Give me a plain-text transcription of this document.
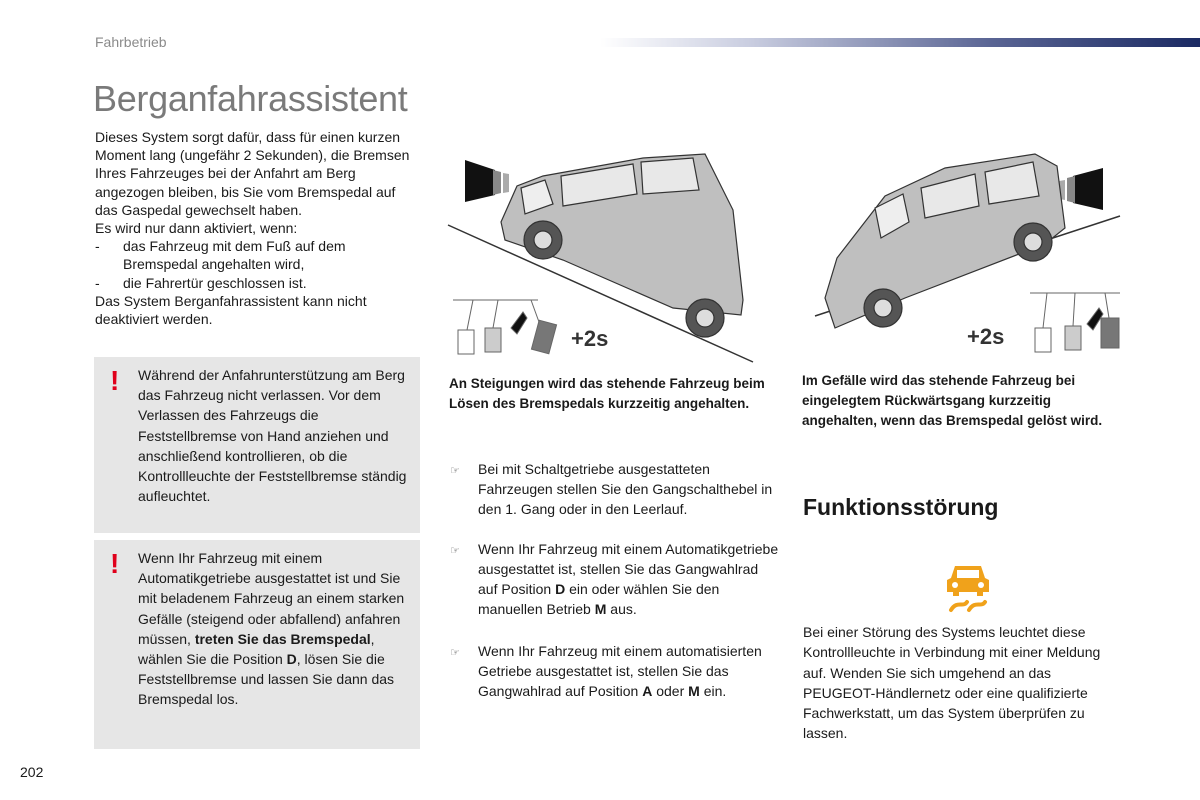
Fahrbetrieb
Berganfahrassistent

Dieses System sorgt dafür, dass für einen kurzen Moment lang (ungefähr 2 Sekunden), die Bremsen Ihres Fahrzeuges bei der Anfahrt am Berg angezogen bleiben, bis Sie vom Bremspedal auf das Gaspedal gewechselt haben.

Es wird nur dann aktiviert, wenn:

-	das Fahrzeug mit dem Fuß auf dem Bremspedal angehalten wird,
-	die Fahrertür geschlossen ist.

Das System Berganfahrassistent kann nicht deaktiviert werden.

! Während der Anfahrunterstützung am Berg das Fahrzeug nicht verlassen. Vor dem Verlassen des Fahrzeugs die Feststellbremse von Hand anziehen und anschließend kontrollieren, ob die Kontrollleuchte der Feststellbremse ständig aufleuchtet.
! Wenn Ihr Fahrzeug mit einem Automatikgetriebe ausgestattet ist und Sie mit beladenem Fahrzeug an einem starken Gefälle (steigend oder abfallend) anfahren müssen, treten Sie das Bremspedal, wählen Sie die Position D, lösen Sie die Feststellbremse und lassen Sie dann das Bremspedal los.
+2s	+2s
An Steigungen wird das stehende Fahrzeug beim Lösen des Bremspedals kurzzeitig angehalten.
Im Gefälle wird das stehende Fahrzeug bei eingelegtem Rückwärtsgang kurzzeitig angehalten, wenn das Bremspedal gelöst wird.
☞	Bei mit Schaltgetriebe ausgestatteten Fahrzeugen stellen Sie den Gangschalthebel in den 1. Gang oder in den Leerlauf.
☞	Wenn Ihr Fahrzeug mit einem Automatikgetriebe ausgestattet ist, stellen Sie das Gangwahlrad auf Position D ein oder wählen Sie den manuellen Betrieb M aus.
☞	Wenn Ihr Fahrzeug mit einem automatisierten Getriebe ausgestattet ist, stellen Sie das Gangwahlrad auf Position A oder M ein.
Funktionsstörung
Bei einer Störung des Systems leuchtet diese Kontrollleuchte in Verbindung mit einer Meldung auf. Wenden Sie sich umgehend an das PEUGEOT-Händlernetz oder eine qualifizierte Fachwerkstatt, um das System überprüfen zu lassen.
202
